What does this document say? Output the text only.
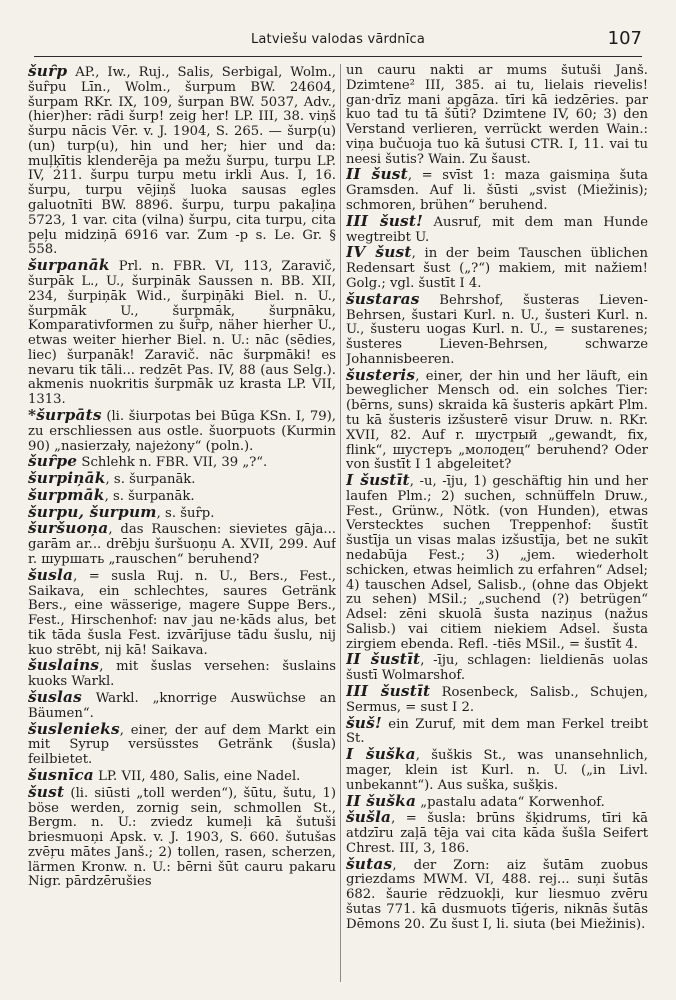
Latviešu valodas vārdnīca	107

šuȓp AP., Iw., Ruj., Salis, Serbigal, Wolm., šuȓpu Līn., Wolm., šurpum BW. 24604, šurpam RKr. IX, 109, šurpan BW. 5037, Adv., (hier)her: rādi šurp! zeig her! LP. III, 38. viņš šurpu nācis Vēr. v. J. 1904, S. 265. — šurp(u) (un) turp(u), hin und her; hier und da: muļķītis klenderēja pa mežu šurpu, turpu LP. IV, 211. šurpu turpu metu irkli Aus. I, 16. šurpu, turpu vējiņš luoka sausas egles galuotnīti BW. 8896. šurpu, turpu pakaļiņa 5723, 1 var. cita (vilna) šurpu, cita turpu, cita peļu midziņā 6916 var. Zum -p s. Le. Gr. § 558.

šurpanāk Prl. n. FBR. VI, 113, Zaravič, šurpāk L., U., šurpināk Saussen n. BB. XII, 234, šurpiņāk Wid., šurpiņāki Biel. n. U., šurpmāk U., šurpmāk, šurpnāku, Komparativformen zu šuȓp, näher hierher U., etwas weiter hierher Biel. n. U.: nāc (sēdies, liec) šurpanāk! Zaravič. nāc šurpmāki! es nevaru tik tāli... redzēt Pas. IV, 88 (aus Selg.). akmenis nuokritis šurpmāk uz krasta LP. VII, 1313.

*šurpāts (li. šiurpotas bei Būga KSn. I, 79), zu erschliessen aus ostle. šuorpuots (Kurmin 90) „nasierzały, najeżony“ (poln.).

šuȓpe Schlehk n. FBR. VII, 39 „?“.

šurpiņāk, s. šurpanāk.

šurpmāk, s. šurpanāk.

šurpu, šurpum, s. šuȓp.

šuršuoņa, das Rauschen: sievietes gāja... garām ar... drēbju šuršuoņu A. XVII, 299. Auf r. шуршать „rauschen“ beruhend?

šusla, = susla Ruj. n. U., Bers., Fest., Saikava, ein schlechtes, saures Getränk Bers., eine wässerige, magere Suppe Bers., Fest., Hirschenhof: nav jau ne·kāds alus, bet tik tāda šusla Fest. izvārījuse tādu šuslu, nij kuo strēbt, nij kā! Saikava.

šuslains, mit šuslas versehen: šuslains kuoks Warkl.

šuslas Warkl. „knorrige Auswüchse an Bäumen“.

šuslenieks, einer, der auf dem Markt ein mit Syrup versüsstes Getränk (šusla) feilbietet.

šusnīca LP. VII, 480, Salis, eine Nadel.

šust (li. siūsti „toll werden“), šūtu, šutu, 1) böse werden, zornig sein, schmollen St., Bergm. n. U.: zviedz kumeļi kā šutuši briesmuoņi Apsk. v. J. 1903, S. 660. šutušas zvēŗu mātes Janš.; 2) tollen, rasen, scherzen, lärmen Kronw. n. U.: bērni šūt cauru pakaru Nigr. pārdzērušies

un cauru nakti ar mums šutuši Janš. Dzimtene² III, 385. ai tu, lielais rievelis! gan·drīz mani apgāza. tīri kā iedzēries. par kuo tad tu tā šūti? Dzimtene IV, 60; 3) den Verstand verlieren, verrückt werden Wain.: viņa bučuoja tuo kā šutusi CTR. I, 11. vai tu neesi šutis? Wain. Zu šaust.

II šust, = svīst 1: maza gaismiņa šuta Gramsden. Auf li. šūsti „svist (Miežinis); schmoren, brühen“ beruhend.

III šust! Ausruf, mit dem man Hunde wegtreibt U.

IV šust, in der beim Tauschen üblichen Redensart šust („?“) makiem, mit nažiem! Golg.; vgl. šustīt I 4.

šustaras Behrshof, šusteras Lieven-Behrsen, šustari Kurl. n. U., šusteri Kurl. n. U., šusteru uogas Kurl. n. U., = sustarenes; šusteres Lieven-Behrsen, schwarze Johannisbeeren.

šusteris, einer, der hin und her läuft, ein beweglicher Mensch od. ein solches Tier: (bērns, suns) skraida kā šusteris apkārt Plm. tu kā šusteris izšusterē visur Druw. n. RKr. XVII, 82. Auf r. шустрый „gewandt, fix, flink“, шустеръ „молодец“ beruhend? Oder von šustīt I 1 abgeleitet?

I šustīt, -u, -īju, 1) geschäftig hin und her laufen Plm.; 2) suchen, schnüffeln Druw., Fest., Grünw., Nötk. (von Hunden), etwas Verstecktes suchen Treppenhof: šustīt šustīja un visas malas izšustīja, bet ne sukīt nedabūja Fest.; 3) „jem. wiederholt schicken, etwas heimlich zu erfahren“ Adsel; 4) tauschen Adsel, Salisb., (ohne das Objekt zu sehen) MSil.; „suchend (?) betrügen“ Adsel: zēni skuolā šusta naziņus (nažus Salisb.) vai citiem niekiem Adsel. šusta zirgiem ebenda. Refl. -tiēs MSil., = šustīt 4.

II šustīt, -īju, schlagen: lieldienās uolas šustī Wolmarshof.

III šustīt Rosenbeck, Salisb., Schujen, Sermus, = sust I 2.

šuš! ein Zuruf, mit dem man Ferkel treibt St.

I šuška, šuškis St., was unansehnlich, mager, klein ist Kurl. n. U. („in Livl. unbekannt“). Aus suška, sušķis.

II šuška „pastalu adata“ Korwenhof.

šušla, = šusla: brūns šķidrums, tīri kā atdzīru zaļā tēja vai cita kāda šušla Seifert Chrest. III, 3, 186.

šutas, der Zorn: aiz šutām zuobus griezdams MWM. VI, 488. rej... suņi šutās 682. šaurie rēdzuokļi, kur liesmuo zvēru šutas 771. kā dusmuots tīģeris, niknās šutās Dēmons 20. Zu šust I, li. siuta (bei Miežinis).
